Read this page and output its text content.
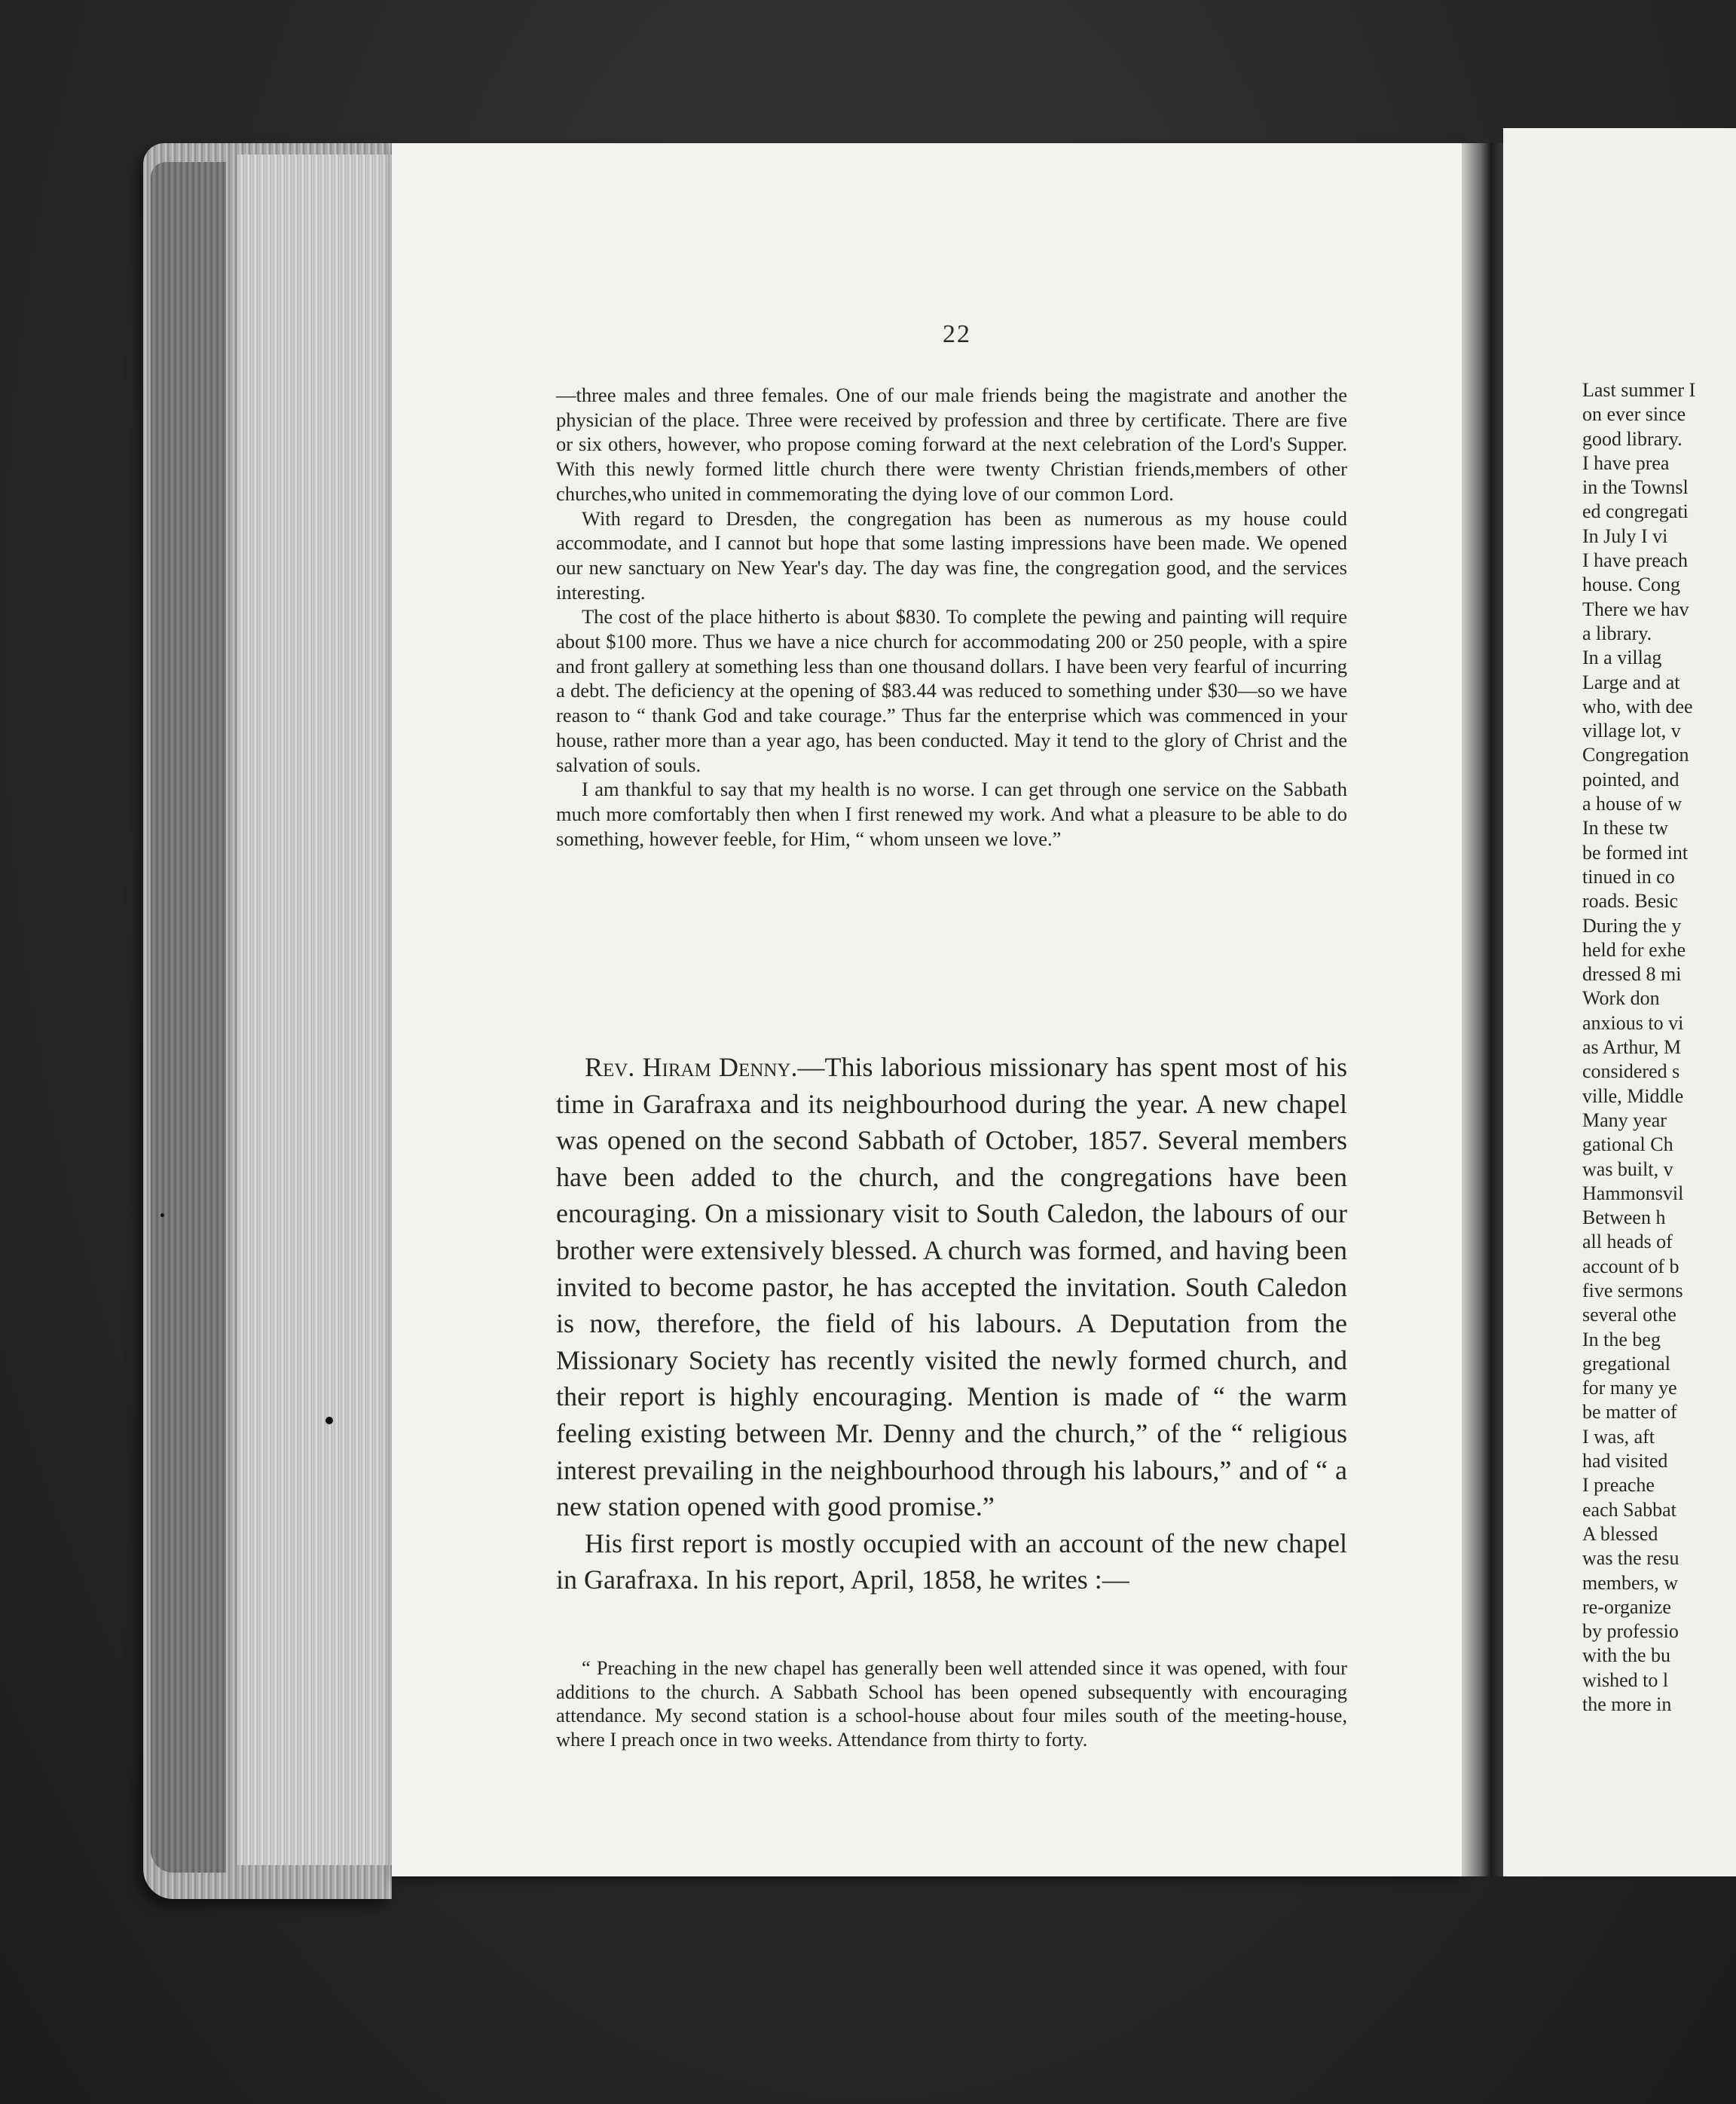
22

—three males and three females. One of our male friends being the magistrate and another the physician of the place. Three were received by profession and three by certificate. There are five or six others, however, who propose coming forward at the next celebration of the Lord's Supper. With this newly formed little church there were twenty Christian friends,members of other churches,who united in commemorating the dying love of our common Lord.

With regard to Dresden, the congregation has been as numerous as my house could accommodate, and I cannot but hope that some lasting impressions have been made. We opened our new sanctuary on New Year's day. The day was fine, the congregation good, and the services interesting.

The cost of the place hitherto is about $830. To complete the pewing and painting will require about $100 more. Thus we have a nice church for accommodating 200 or 250 people, with a spire and front gallery at something less than one thousand dollars. I have been very fearful of incurring a debt. The deficiency at the opening of $83.44 was reduced to something under $30—so we have reason to “ thank God and take courage.” Thus far the enterprise which was commenced in your house, rather more than a year ago, has been conducted. May it tend to the glory of Christ and the salvation of souls.

I am thankful to say that my health is no worse. I can get through one service on the Sabbath much more comfortably then when I first renewed my work. And what a pleasure to be able to do something, however feeble, for Him, “ whom unseen we love.”

Rev. Hiram Denny.—This laborious missionary has spent most of his time in Garafraxa and its neighbourhood during the year. A new chapel was opened on the second Sabbath of October, 1857. Several members have been added to the church, and the congregations have been encouraging. On a missionary visit to South Caledon, the labours of our brother were extensively blessed. A church was formed, and having been invited to become pastor, he has accepted the invitation. South Caledon is now, therefore, the field of his labours. A Deputation from the Missionary Society has recently visited the newly formed church, and their report is highly encouraging. Mention is made of “ the warm feeling existing between Mr. Denny and the church,” of the “ religious interest prevailing in the neighbourhood through his labours,” and of “ a new station opened with good promise.”

His first report is mostly occupied with an account of the new chapel in Garafraxa. In his report, April, 1858, he writes :—

“ Preaching in the new chapel has generally been well attended since it was opened, with four additions to the church. A Sabbath School has been opened subsequently with encouraging attendance. My second station is a school-house about four miles south of the meeting-house, where I preach once in two weeks. Attendance from thirty to forty.

Last summer I
on ever since
good library.
I have prea
in the Townsl
ed congregati
In July I vi
I have preach
house. Cong
There we hav
a library.
In a villag
Large and at
who, with dee
village lot, v
Congregation
pointed, and
a house of w
In these tw
be formed int
tinued in co
roads. Besic
During the y
held for exhe
dressed 8 mi
Work don
anxious to vi
as Arthur, M
considered s
ville, Middle
Many year
gational Ch
was built, v
Hammonsvil
Between h
all heads of
account of b
five sermons
several othe
In the beg
gregational
for many ye
be matter of
I was, aft
had visited
I preache
each Sabbat
A blessed
was the resu
members, w
re-organize
by professio
with the bu
wished to l
the more in
